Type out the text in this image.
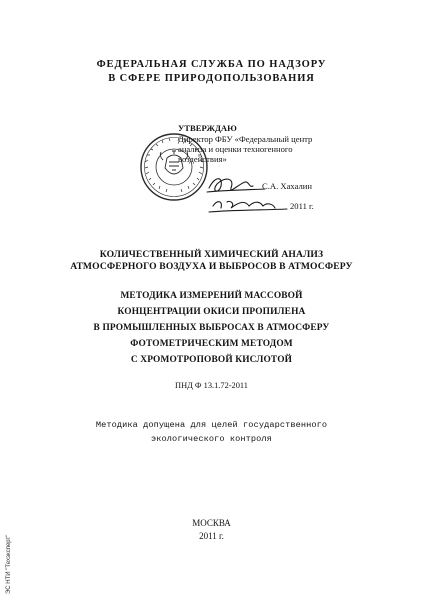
ФЕДЕРАЛЬНАЯ СЛУЖБА ПО НАДЗОРУ
В СФЕРЕ ПРИРОДОПОЛЬЗОВАНИЯ
УТВЕРЖДАЮ
Директор ФБУ «Федеральный центр
анализа и оценки техногенного
воздействия»
С.А. Хахалин
2011 г.
КОЛИЧЕСТВЕННЫЙ ХИМИЧЕСКИЙ АНАЛИЗ
АТМОСФЕРНОГО ВОЗДУХА И ВЫБРОСОВ В АТМОСФЕРУ
МЕТОДИКА ИЗМЕРЕНИЙ МАССОВОЙ
КОНЦЕНТРАЦИИ ОКИСИ ПРОПИЛЕНА
В ПРОМЫШЛЕННЫХ ВЫБРОСАХ В АТМОСФЕРУ
ФОТОМЕТРИЧЕСКИМ МЕТОДОМ
С ХРОМОТРОПОВОЙ КИСЛОТОЙ
ПНД Ф 13.1.72-2011
Методика допущена для целей государственного
экологического контроля
МОСКВА
2011 г.
ЭС НТИ "Техэксперт"
